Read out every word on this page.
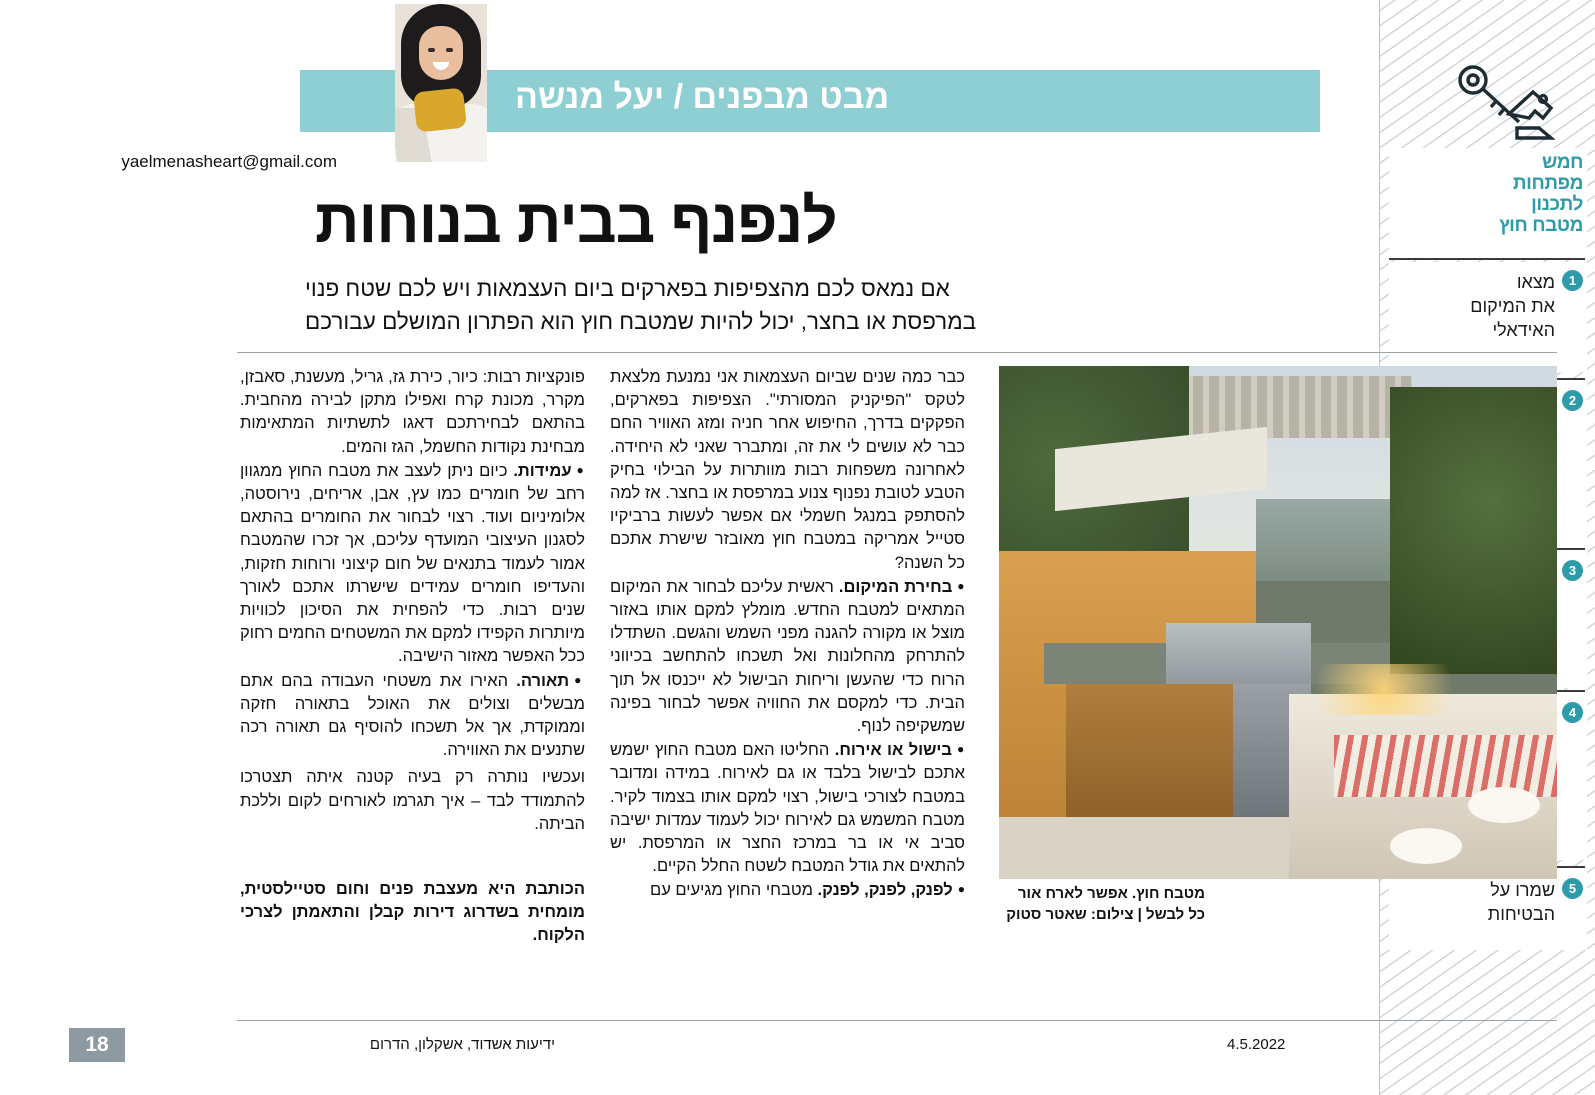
חמש
מפתחות
לתכנון
מטבח חוץ
1
מצאו
את המיקום
האידאלי
2
3
4
5
שמרו על
הבטיחות
מבט מבפנים / יעל מנשה
yaelmenasheart@gmail.com
לנפנף בבית בנוחות
אם נמאס לכם מהצפיפות בפארקים ביום העצמאות ויש לכם שטח פנוי
במרפסת או בחצר, יכול להיות שמטבח חוץ הוא הפתרון המושלם עבורכם

פונקציות רבות: כיור, כירת גז, גריל, מעשנת, סאבזן, מקרר, מכונת קרח ואפילו מתקן לבירה מהחבית. בהתאם לבחירתכם דאגו לתשתיות המתאימות מבחינת נקודות החשמל, הגז והמים.

● עמידות. כיום ניתן לעצב את מטבח החוץ ממגוון רחב של חומרים כמו עץ, אבן, אריחים, נירוסטה, אלומיניום ועוד. רצוי לבחור את החומרים בהתאם לסגנון העיצובי המועדף עליכם, אך זכרו שהמטבח אמור לעמוד בתנאים של חום קיצוני ורוחות חזקות, והעדיפו חומרים עמידים שישרתו אתכם לאורך שנים רבות. כדי להפחית את הסיכון לכוויות מיותרות הקפידו למקם את המשטחים החמים רחוק ככל האפשר מאזור הישיבה.

● תאורה. האירו את משטחי העבודה בהם אתם מבשלים וצולים את האוכל בתאורה חזקה וממוקדת, אך אל תשכחו להוסיף גם תאורה רכה שתנעים את האווירה.

ועכשיו נותרה רק בעיה קטנה איתה תצטרכו להתמודד לבד – איך תגרמו לאורחים לקום וללכת הביתה.

הכותבת היא מעצבת פנים וחום סטיילסטית, מומחית בשדרוג דירות קבלן והתאמתן לצרכי הלקוח.

כבר כמה שנים שביום העצמאות אני נמנעת מלצאת לטקס "הפיקניק המסורתי". הצפיפות בפארקים, הפקקים בדרך, החיפוש אחר חניה ומזג האוויר החם כבר לא עושים לי את זה, ומתברר שאני לא היחידה. לאחרונה משפחות רבות מוותרות על הבילוי בחיק הטבע לטובת נפנוף צנוע במרפסת או בחצר. אז למה להסתפק במנגל חשמלי אם אפשר לעשות ברביקיו סטייל אמריקה במטבח חוץ מאובזר שישרת אתכם כל השנה?

● בחירת המיקום. ראשית עליכם לבחור את המיקום המתאים למטבח החדש. מומלץ למקם אותו באזור מוצל או מקורה להגנה מפני השמש והגשם. השתדלו להתרחק מהחלונות ואל תשכחו להתחשב בכיווני הרוח כדי שהעשן וריחות הבישול לא ייכנסו אל תוך הבית. כדי למקסם את החוויה אפשר לבחור בפינה שמשקיפה לנוף.

● בישול או אירוח. החליטו האם מטבח החוץ ישמש אתכם לבישול בלבד או גם לאירוח. במידה ומדובר במטבח לצורכי בישול, רצוי למקם אותו בצמוד לקיר. מטבח המשמש גם לאירוח יכול לעמוד עמדות ישיבה סביב אי או בר במרכז החצר או המרפסת. יש להתאים את גודל המטבח לשטח החלל הקיים.

● לפנק, לפנק, לפנק. מטבחי החוץ מגיעים עם	מטבח חוץ. אפשר לארח אור כל לבשל | צילום: שאטר סטוק
ידיעות אשדוד, אשקלון, הדרום	4.5.2022
18
